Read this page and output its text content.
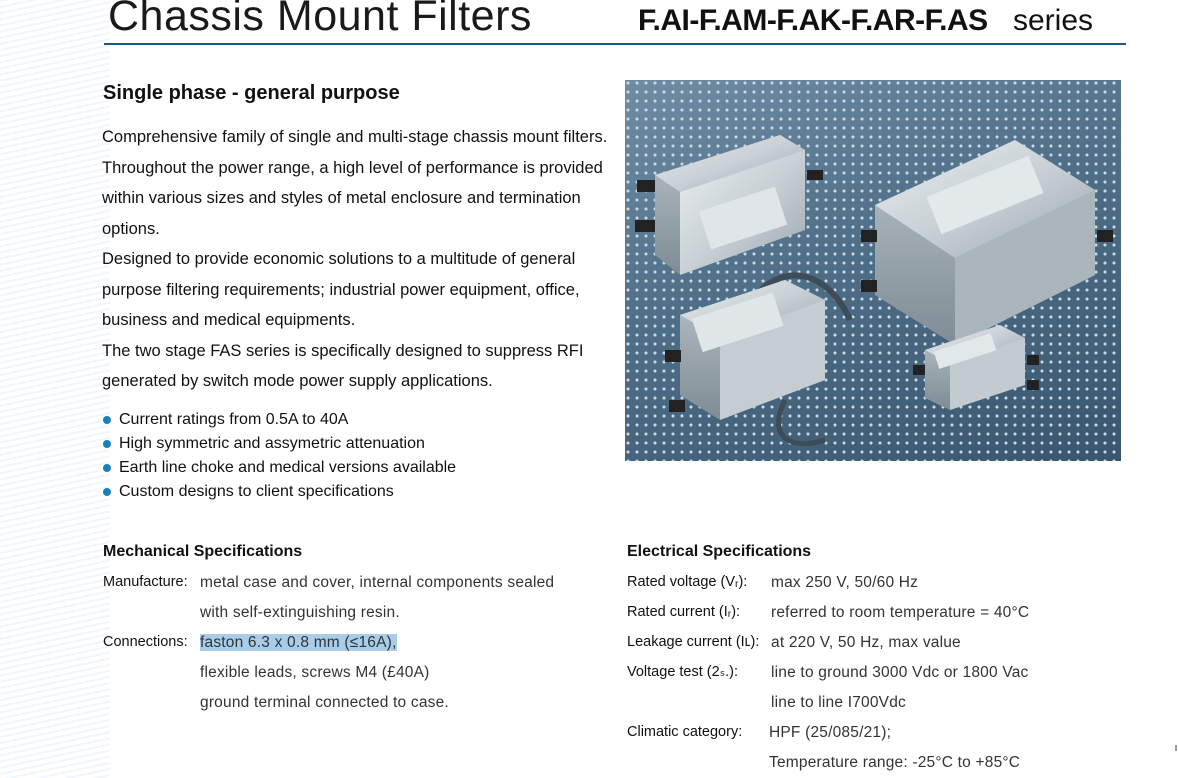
Chassis Mount Filters	F.AI-F.AM-F.AK-F.AR-F.AS series
Single phase - general purpose

Comprehensive family of single and multi-stage chassis mount filters. Throughout the power range, a high level of performance is provided within various sizes and styles of metal enclosure and termination options.

Designed to provide economic solutions to a multitude of general purpose filtering requirements; industrial power equipment, office, business and medical equipments.

The two stage FAS series is specifically designed to suppress RFI generated by switch mode power supply applications.

Current ratings from 0.5A to 40A
High symmetric and assymetric attenuation
Earth line choke and medical versions available
Custom designs to client specifications
Mechanical Specifications
Manufacture: metal case and cover, internal components sealed
with self-extinguishing resin.
Connections: faston 6.3 x 0.8 mm (≤16A),
flexible leads, screws M4 (£40A)
ground terminal connected to case.
Electrical Specifications
Rated voltage (Vᵣ): max 250 V, 50/60 Hz
Rated current (Iᵣ): referred to room temperature = 40°C
Leakage current (Iʟ): at 220 V, 50 Hz, max value
Voltage test (2ₛ.): line to ground 3000 Vdc or 1800 Vac
line to line I700Vdc
Climatic category: HPF (25/085/21);
Temperature range: -25°C to +85°C
